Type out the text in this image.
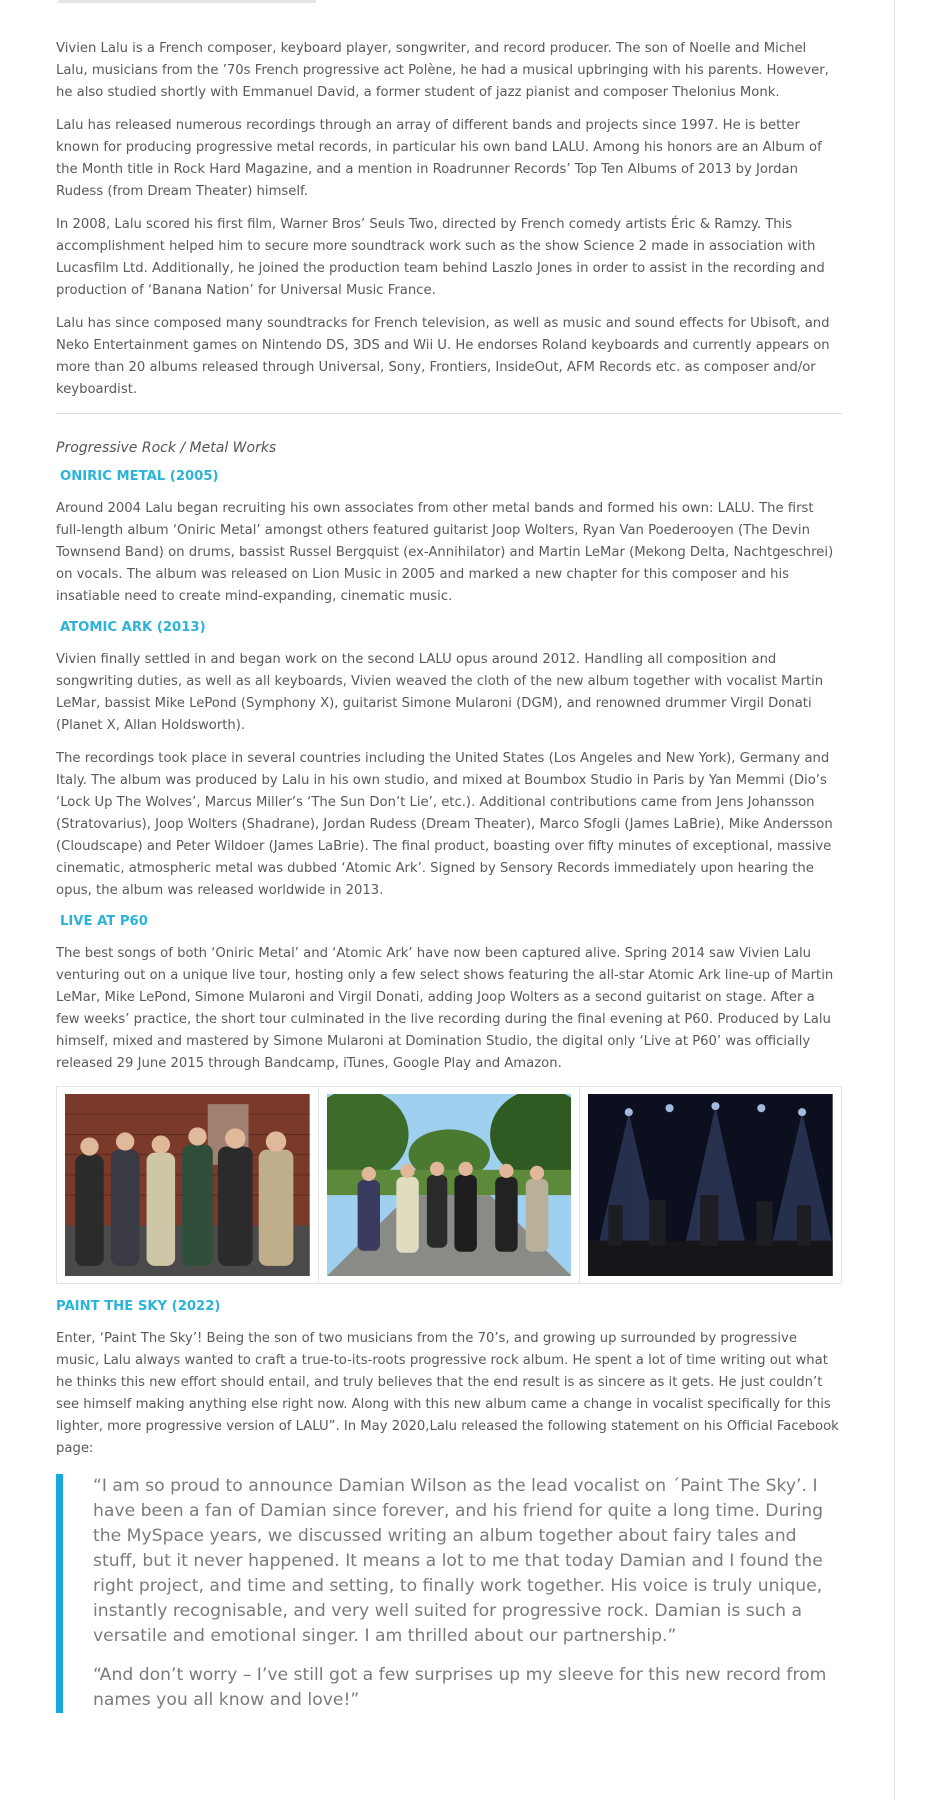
Vivien Lalu is a French composer, keyboard player, songwriter, and record producer. The son of Noelle and Michel Lalu, musicians from the ’70s French progressive act Polène, he had a musical upbringing with his parents. However, he also studied shortly with Emmanuel David, a former student of jazz pianist and composer Thelonius Monk.

Lalu has released numerous recordings through an array of different bands and projects since 1997. He is better known for producing progressive metal records, in particular his own band LALU. Among his honors are an Album of the Month title in Rock Hard Magazine, and a mention in Roadrunner Records’ Top Ten Albums of 2013 by Jordan Rudess (from Dream Theater) himself.

In 2008, Lalu scored his first film, Warner Bros’ Seuls Two, directed by French comedy artists Éric & Ramzy. This accomplishment helped him to secure more soundtrack work such as the show Science 2 made in association with Lucasfilm Ltd. Additionally, he joined the production team behind Laszlo Jones in order to assist in the recording and production of ‘Banana Nation’ for Universal Music France.

Lalu has since composed many soundtracks for French television, as well as music and sound effects for Ubisoft, and Neko Entertainment games on Nintendo DS, 3DS and Wii U. He endorses Roland keyboards and currently appears on more than 20 albums released through Universal, Sony, Frontiers, InsideOut, AFM Records etc. as composer and/or keyboardist.

Progressive Rock / Metal Works
ONIRIC METAL (2005)

Around 2004 Lalu began recruiting his own associates from other metal bands and formed his own: LALU. The first full-length album ‘Oniric Metal’ amongst others featured guitarist Joop Wolters, Ryan Van Poederooyen (The Devin Townsend Band) on drums, bassist Russel Bergquist (ex-Annihilator) and Martin LeMar (Mekong Delta, Nachtgeschrei) on vocals. The album was released on Lion Music in 2005 and marked a new chapter for this composer and his insatiable need to create mind-expanding, cinematic music.

ATOMIC ARK (2013)

Vivien finally settled in and began work on the second LALU opus around 2012. Handling all composition and songwriting duties, as well as all keyboards, Vivien weaved the cloth of the new album together with vocalist Martin LeMar, bassist Mike LePond (Symphony X), guitarist Simone Mularoni (DGM), and renowned drummer Virgil Donati (Planet X, Allan Holdsworth).

The recordings took place in several countries including the United States (Los Angeles and New York), Germany and Italy. The album was produced by Lalu in his own studio, and mixed at Boumbox Studio in Paris by Yan Memmi (Dio’s ‘Lock Up The Wolves’, Marcus Miller’s ‘The Sun Don’t Lie’, etc.). Additional contributions came from Jens Johansson (Stratovarius), Joop Wolters (Shadrane), Jordan Rudess (Dream Theater), Marco Sfogli (James LaBrie), Mike Andersson (Cloudscape) and Peter Wildoer (James LaBrie). The final product, boasting over fifty minutes of exceptional, massive cinematic, atmospheric metal was dubbed ‘Atomic Ark’. Signed by Sensory Records immediately upon hearing the opus, the album was released worldwide in 2013.

LIVE AT P60

The best songs of both ‘Oniric Metal’ and ‘Atomic Ark’ have now been captured alive. Spring 2014 saw Vivien Lalu venturing out on a unique live tour, hosting only a few select shows featuring the all-star Atomic Ark line-up of Martin LeMar, Mike LePond, Simone Mularoni and Virgil Donati, adding Joop Wolters as a second guitarist on stage. After a few weeks’ practice, the short tour culminated in the live recording during the final evening at P60. Produced by Lalu himself, mixed and mastered by Simone Mularoni at Domination Studio, the digital only ‘Live at P60’ was officially released 29 June 2015 through Bandcamp, iTunes, Google Play and Amazon.

PAINT THE SKY (2022)

Enter, ‘Paint The Sky’! Being the son of two musicians from the 70’s, and growing up surrounded by progressive music, Lalu always wanted to craft a true-to-its-roots progressive rock album. He spent a lot of time writing out what he thinks this new effort should entail, and truly believes that the end result is as sincere as it gets. He just couldn’t see himself making anything else right now. Along with this new album came a change in vocalist specifically for this lighter, more progressive version of LALU”. In May 2020,Lalu released the following statement on his Official Facebook page:

“I am so proud to announce Damian Wilson as the lead vocalist on ´Paint The Sky’. I have been a fan of Damian since forever, and his friend for quite a long time. During the MySpace years, we discussed writing an album together about fairy tales and stuff, but it never happened. It means a lot to me that today Damian and I found the right project, and time and setting, to finally work together. His voice is truly unique, instantly recognisable, and very well suited for progressive rock. Damian is such a versatile and emotional singer. I am thrilled about our partnership.”

“And don’t worry – I’ve still got a few surprises up my sleeve for this new record from names you all know and love!”
